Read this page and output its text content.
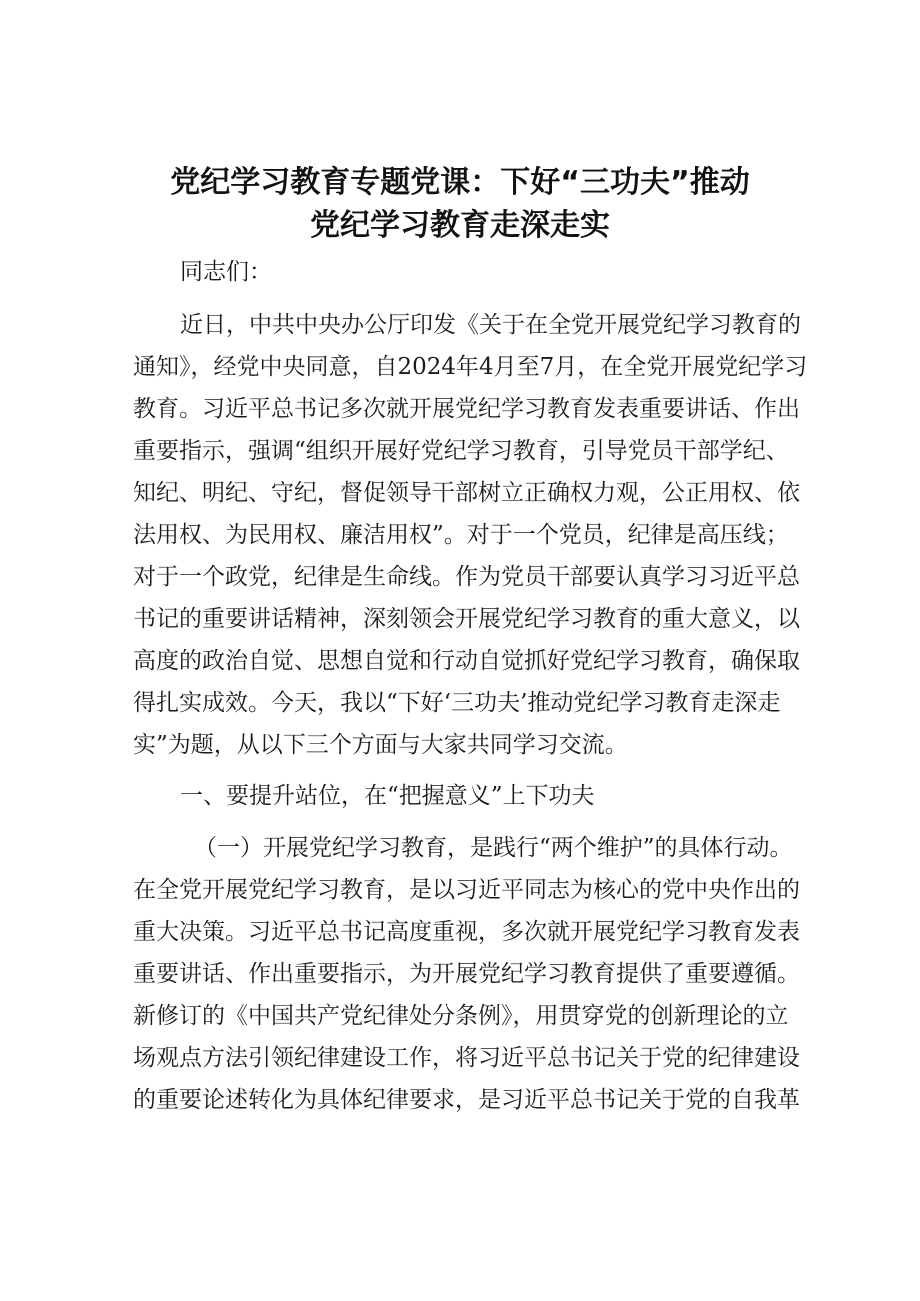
党纪学习教育专题党课：下好“三功夫”推动
党纪学习教育走深走实
同志们：
近日，中共中央办公厅印发《关于在全党开展党纪学习教育的
通知》，经党中央同意，自2024年4月至7月，在全党开展党纪学习
教育。习近平总书记多次就开展党纪学习教育发表重要讲话、作出
重要指示，强调“组织开展好党纪学习教育，引导党员干部学纪、
知纪、明纪、守纪，督促领导干部树立正确权力观，公正用权、依
法用权、为民用权、廉洁用权”。对于一个党员，纪律是高压线；
对于一个政党，纪律是生命线。作为党员干部要认真学习习近平总
书记的重要讲话精神，深刻领会开展党纪学习教育的重大意义，以
高度的政治自觉、思想自觉和行动自觉抓好党纪学习教育，确保取
得扎实成效。今天，我以“下好‘三功夫’推动党纪学习教育走深走
实”为题，从以下三个方面与大家共同学习交流。
一、要提升站位，在“把握意义”上下功夫
（一）开展党纪学习教育，是践行“两个维护”的具体行动。
在全党开展党纪学习教育，是以习近平同志为核心的党中央作出的
重大决策。习近平总书记高度重视，多次就开展党纪学习教育发表
重要讲话、作出重要指示，为开展党纪学习教育提供了重要遵循。
新修订的《中国共产党纪律处分条例》，用贯穿党的创新理论的立
场观点方法引领纪律建设工作，将习近平总书记关于党的纪律建设
的重要论述转化为具体纪律要求，是习近平总书记关于党的自我革
